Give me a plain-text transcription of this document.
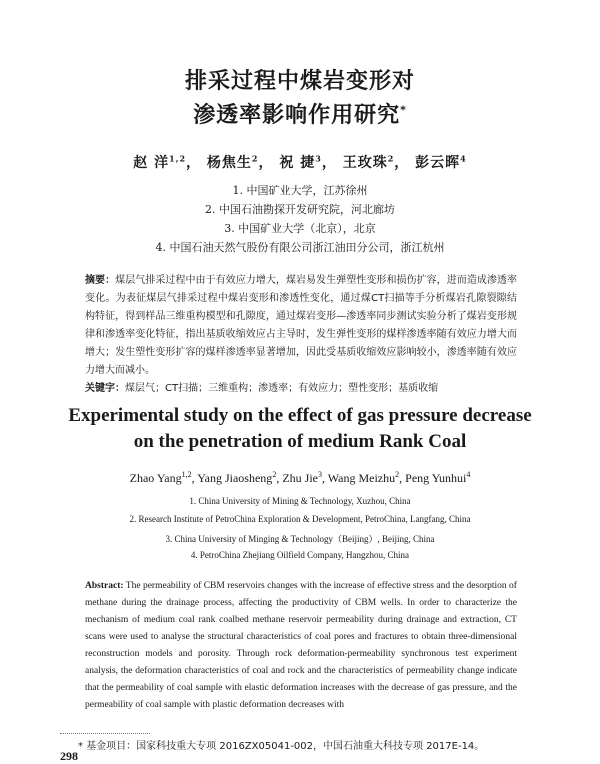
排采过程中煤岩变形对
渗透率影响作用研究*
赵 洋$^{1,2}$， 杨焦生$^2$， 祝 捷$^3$， 王玫珠$^2$， 彭云晖$^4$
1. 中国矿业大学，江苏徐州
2. 中国石油勘探开发研究院，河北廊坊
3. 中国矿业大学（北京），北京
4. 中国石油天然气股份有限公司浙江油田分公司，浙江杭州
摘要：煤层气排采过程中由于有效应力增大，煤岩易发生弹塑性变形和损伤扩容，进而造成渗透率变化。为表征煤层气排采过程中煤岩变形和渗透性变化，通过煤CT扫描等手分析煤岩孔隙裂隙结构特征，得到样品三维重构模型和孔隙度，通过煤岩变形—渗透率同步测试实验分析了煤岩变形规律和渗透率变化特征，指出基质收缩效应占主导时，发生弹性变形的煤样渗透率随有效应力增大而增大；发生塑性变形扩容的煤样渗透率显著增加，因此受基质收缩效应影响较小，渗透率随有效应力增大而减小。
关键字：煤层气；CT扫描；三维重构；渗透率；有效应力；塑性变形；基质收缩
Experimental study on the effect of gas pressure decrease
on the penetration of medium Rank Coal
Zhao Yang$^{1,2}$, Yang Jiaosheng$^2$, Zhu Jie$^3$, Wang Meizhu$^2$, Peng Yunhui$^4$
1. China University of Mining & Technology, Xuzhou, China
2. Research Institute of PetroChina Exploration & Development, PetroChina, Langfang, China
3. China University of Minging & Technology（Beijing）, Beijing, China
4. PetroChina Zhejiang Oilfield Company, Hangzhou, China
Abstract: The permeability of CBM reservoirs changes with the increase of effective stress and the desorption of methane during the drainage process, affecting the productivity of CBM wells. In order to characterize the mechanism of medium coal rank coalbed methane reservoir permeability during drainage and extraction, CT scans were used to analyse the structural characteristics of coal pores and fractures to obtain three-dimensional reconstruction models and porosity. Through rock deformation-permeability synchronous test experiment analysis, the deformation characteristics of coal and rock and the characteristics of permeability change indicate that the permeability of coal sample with elastic deformation increases with the decrease of gas pressure, and the permeability of coal sample with plastic deformation decreases with
* 基金项目：国家科技重大专项 2016ZX05041-002，中国石油重大科技专项 2017E-14。
298
